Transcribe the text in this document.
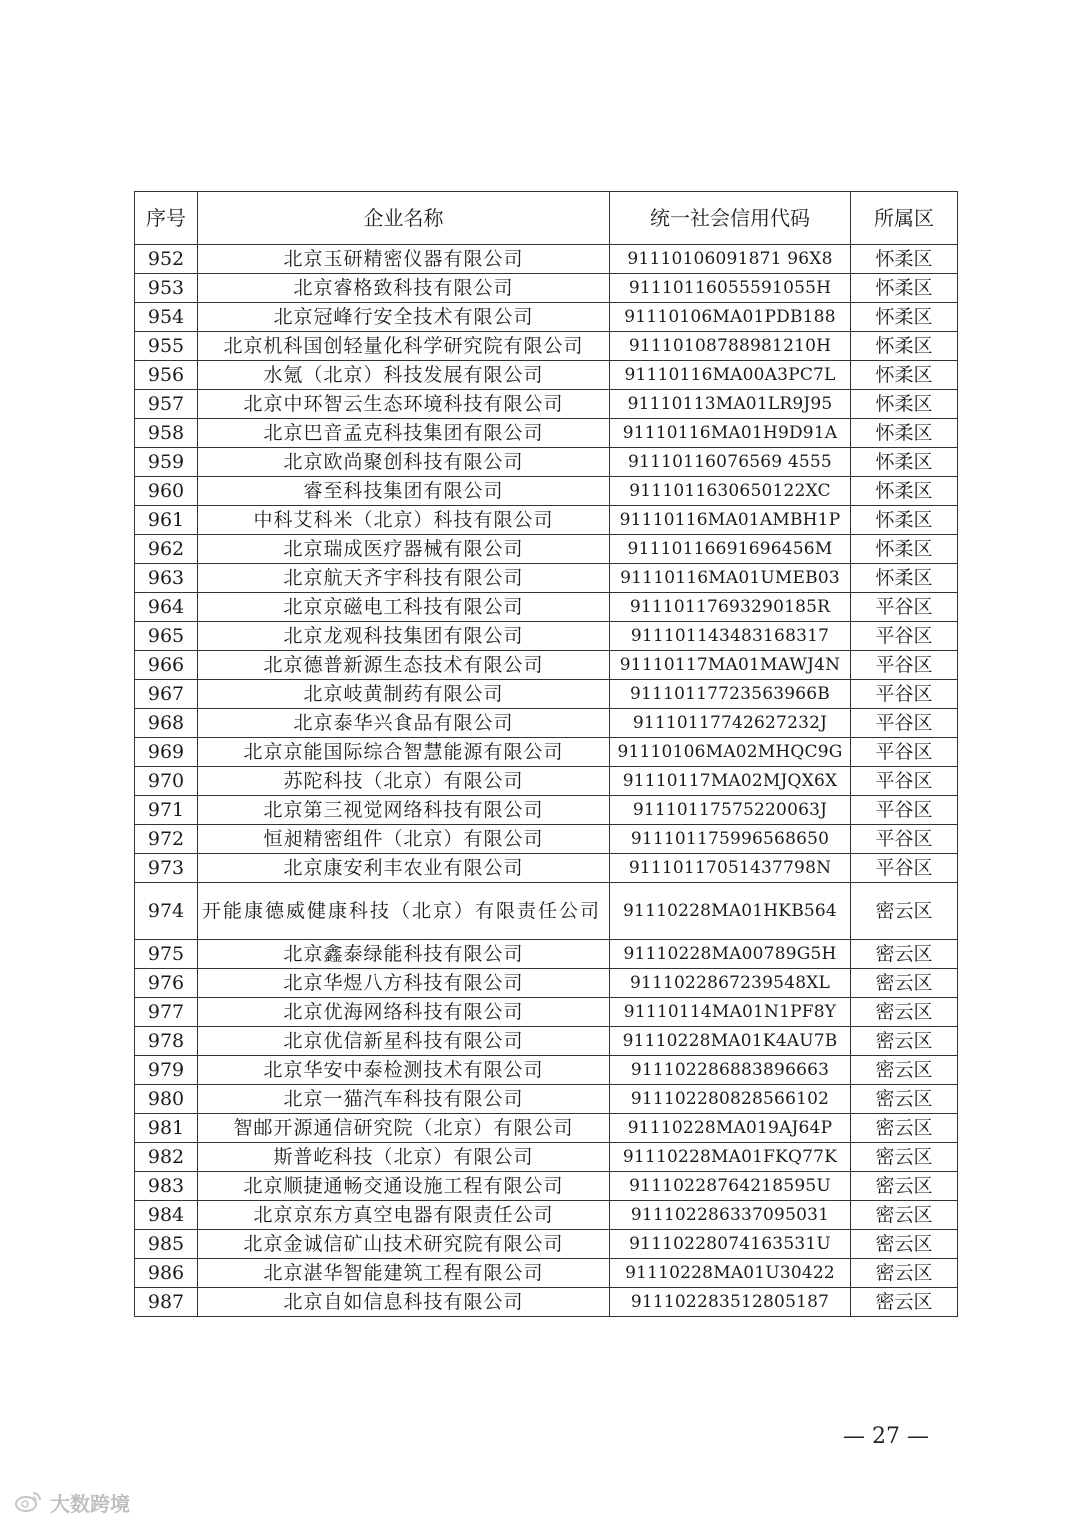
序号	企业名称	统一社会信用代码	所属区
952	北京玉研精密仪器有限公司	91110106091871 96X8	怀柔区
953	北京睿格致科技有限公司	91110116055591055H	怀柔区
954	北京冠峰行安全技术有限公司	91110106MA01PDB188	怀柔区
955	北京机科国创轻量化科学研究院有限公司	91110108788981210H	怀柔区
956	水氪（北京）科技发展有限公司	91110116MA00A3PC7L	怀柔区
957	北京中环智云生态环境科技有限公司	91110113MA01LR9J95	怀柔区
958	北京巴音孟克科技集团有限公司	91110116MA01H9D91A	怀柔区
959	北京欧尚聚创科技有限公司	91110116076569 4555	怀柔区
960	睿至科技集团有限公司	9111011630650122XC	怀柔区
961	中科艾科米（北京）科技有限公司	91110116MA01AMBH1P	怀柔区
962	北京瑞成医疗器械有限公司	91110116691696456M	怀柔区
963	北京航天齐宇科技有限公司	91110116MA01UMEB03	怀柔区
964	北京京磁电工科技有限公司	91110117693290185R	平谷区
965	北京龙观科技集团有限公司	911101143483168317	平谷区
966	北京德普新源生态技术有限公司	91110117MA01MAWJ4N	平谷区
967	北京岐黄制药有限公司	91110117723563966B	平谷区
968	北京泰华兴食品有限公司	91110117742627232J	平谷区
969	北京京能国际综合智慧能源有限公司	91110106MA02MHQC9G	平谷区
970	苏陀科技（北京）有限公司	91110117MA02MJQX6X	平谷区
971	北京第三视觉网络科技有限公司	91110117575220063J	平谷区
972	恒昶精密组件（北京）有限公司	911101175996568650	平谷区
973	北京康安利丰农业有限公司	91110117051437798N	平谷区
974	开能康德威健康科技（北京）有限责任公司	91110228MA01HKB564	密云区
975	北京鑫泰绿能科技有限公司	91110228MA00789G5H	密云区
976	北京华煜八方科技有限公司	9111022867239548XL	密云区
977	北京优海网络科技有限公司	91110114MA01N1PF8Y	密云区
978	北京优信新星科技有限公司	91110228MA01K4AU7B	密云区
979	北京华安中泰检测技术有限公司	911102286883896663	密云区
980	北京一猫汽车科技有限公司	911102280828566102	密云区
981	智邮开源通信研究院（北京）有限公司	91110228MA019AJ64P	密云区
982	斯普屹科技（北京）有限公司	91110228MA01FKQ77K	密云区
983	北京顺捷通畅交通设施工程有限公司	91110228764218595U	密云区
984	北京京东方真空电器有限责任公司	911102286337095031	密云区
985	北京金诚信矿山技术研究院有限公司	91110228074163531U	密云区
986	北京湛华智能建筑工程有限公司	91110228MA01U30422	密云区
987	北京自如信息科技有限公司	911102283512805187	密云区
— 27 —
大数跨境
